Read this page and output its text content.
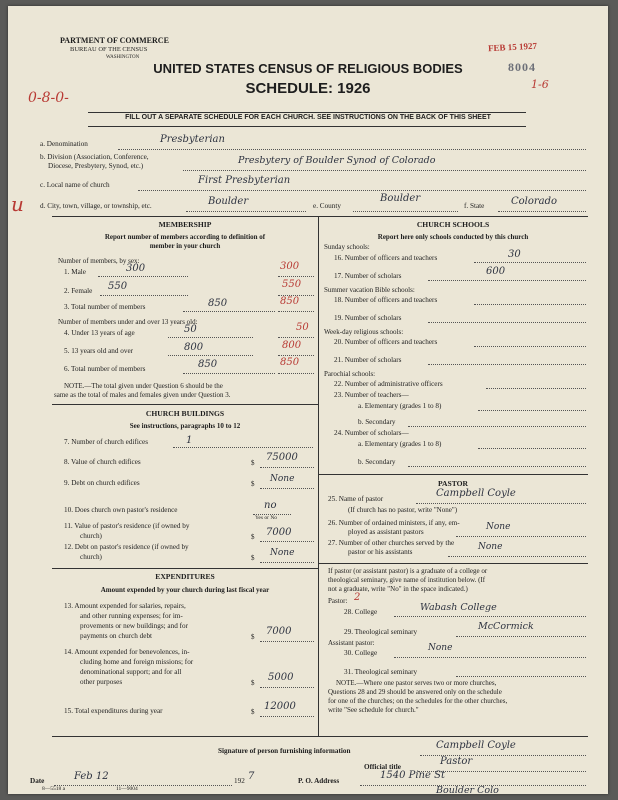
PARTMENT OF COMMERCE
BUREAU OF THE CENSUS
WASHINGTON
FEB 15 1927
8004
1-6
UNITED STATES CENSUS OF RELIGIOUS BODIES
SCHEDULE: 1926
0-8-0-
FILL OUT A SEPARATE SCHEDULE FOR EACH CHURCH. SEE INSTRUCTIONS ON THE BACK OF THIS SHEET
u
a. Denomination	Presbyterian
b. Division (Association, Conference,
Diocese, Presbytery, Synod, etc.)	Presbytery of Boulder Synod of Colorado
c. Local name of church	First Presbyterian
d. City, town, village, or township, etc.	Boulder	e. County
Boulder
f. State	Colorado
MEMBERSHIP
Report number of members according to definition of
member in your church
Number of members, by sex:
1. Male	300	300
2. Female 550	550
3. Total number of members	850	850
Number of members under and over 13 years old:
4. Under 13 years of age	50	50
5. 13 years old and over	800	800
6. Total number of members	850	850
NOTE.—The total given under Question 6 should be the
same as the total of males and females given under Question 3.
CHURCH BUILDINGS
See instructions, paragraphs 10 to 12
7. Number of church edifices	1
8. Value of church edifices	$ 75000
9. Debt on church edifices	$ None
10. Does church own pastor's residence	no
Yes or No
11. Value of pastor's residence (if owned by
church)	$ 7000
12. Debt on pastor's residence (if owned by
church)	$ None
EXPENDITURES
Amount expended by your church during last fiscal year
13. Amount expended for salaries, repairs,
and other running expenses; for im-
provements or new buildings; and for
payments on church debt	$ 7000
14. Amount expended for benevolences, in-
cluding home and foreign missions; for
denominational support; and for all
other purposes	$ 5000
15. Total expenditures during year	$ 12000
CHURCH SCHOOLS
Report here only schools conducted by this church
Sunday schools:
16. Number of officers and teachers	30
17. Number of scholars	600
Summer vacation Bible schools:
18. Number of officers and teachers
19. Number of scholars
Week-day religious schools:
20. Number of officers and teachers
21. Number of scholars
Parochial schools:
22. Number of administrative officers
23. Number of teachers—
a. Elementary (grades 1 to 8)
b. Secondary
24. Number of scholars—
a. Elementary (grades 1 to 8)
b. Secondary
PASTOR
25. Name of pastor	Campbell Coyle
(If church has no pastor, write "None")
26. Number of ordained ministers, if any, em-
ployed as assistant pastors	None
27. Number of other churches served by the
pastor or his assistants	None
If pastor (or assistant pastor) is a graduate of a college or
theological seminary, give name of institution below. (If
not a graduate, write "No" in the space indicated.)
Pastor: 2
28. College	Wabash College
29. Theological seminary	McCormick
Assistant pastor:
30. College	None
31. Theological seminary
NOTE.—Where one pastor serves two or more churches,
Questions 28 and 29 should be answered only on the schedule
for one of the churches; on the schedules for the other churches,
write "See schedule for church."
Signature of person furnishing information	Campbell Coyle
Official title	Pastor
Date	Feb 12	192 7	P. O. Address	1540 Pine St
Boulder Colo
8—5518 a	11—9004
